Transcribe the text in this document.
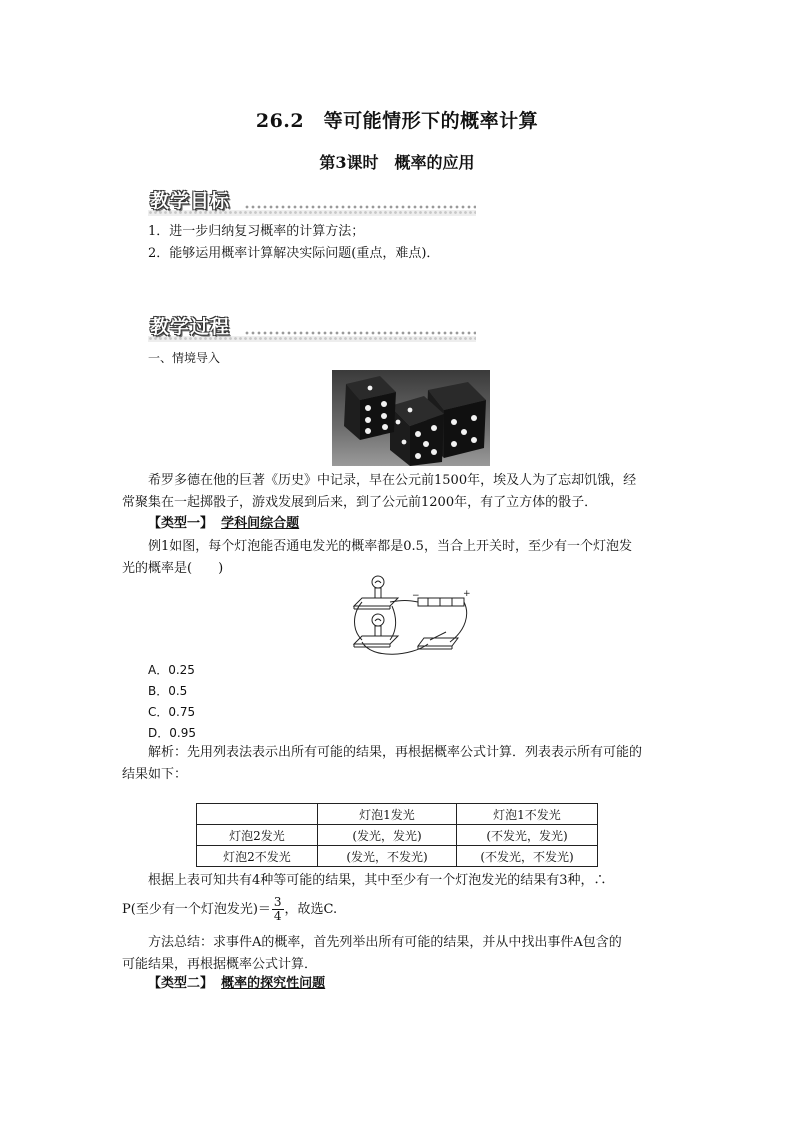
26.2　等可能情形下的概率计算
第3课时　概率的应用
教学目标
1．进一步归纳复习概率的计算方法；
2．能够运用概率计算解决实际问题(重点，难点)．
教学过程
一、情境导入
希罗多德在他的巨著《历史》中记录，早在公元前1500年，埃及人为了忘却饥饿，经
常聚集在一起掷骰子，游戏发展到后来，到了公元前1200年，有了立方体的骰子．
【类型一】 学科间综合题
例1如图，每个灯泡能否通电发光的概率都是0.5，当合上开关时，至少有一个灯泡发
光的概率是(　　)
−	+
A．0.25
B．0.5
C．0.75
D．0.95
解析：先用列表法表示出所有可能的结果，再根据概率公式计算．列表表示所有可能的
结果如下：
	灯泡1发光	灯泡1不发光
灯泡2发光	(发光，发光)	(不发光，发光)
灯泡2不发光	(发光，不发光)	(不发光，不发光)
根据上表可知共有4种等可能的结果，其中至少有一个灯泡发光的结果有3种，∴
P(至少有一个灯泡发光)＝ $\frac{3}{4}$ ，故选C.
方法总结：求事件A的概率，首先列举出所有可能的结果，并从中找出事件A包含的
可能结果，再根据概率公式计算．
【类型二】 概率的探究性问题
